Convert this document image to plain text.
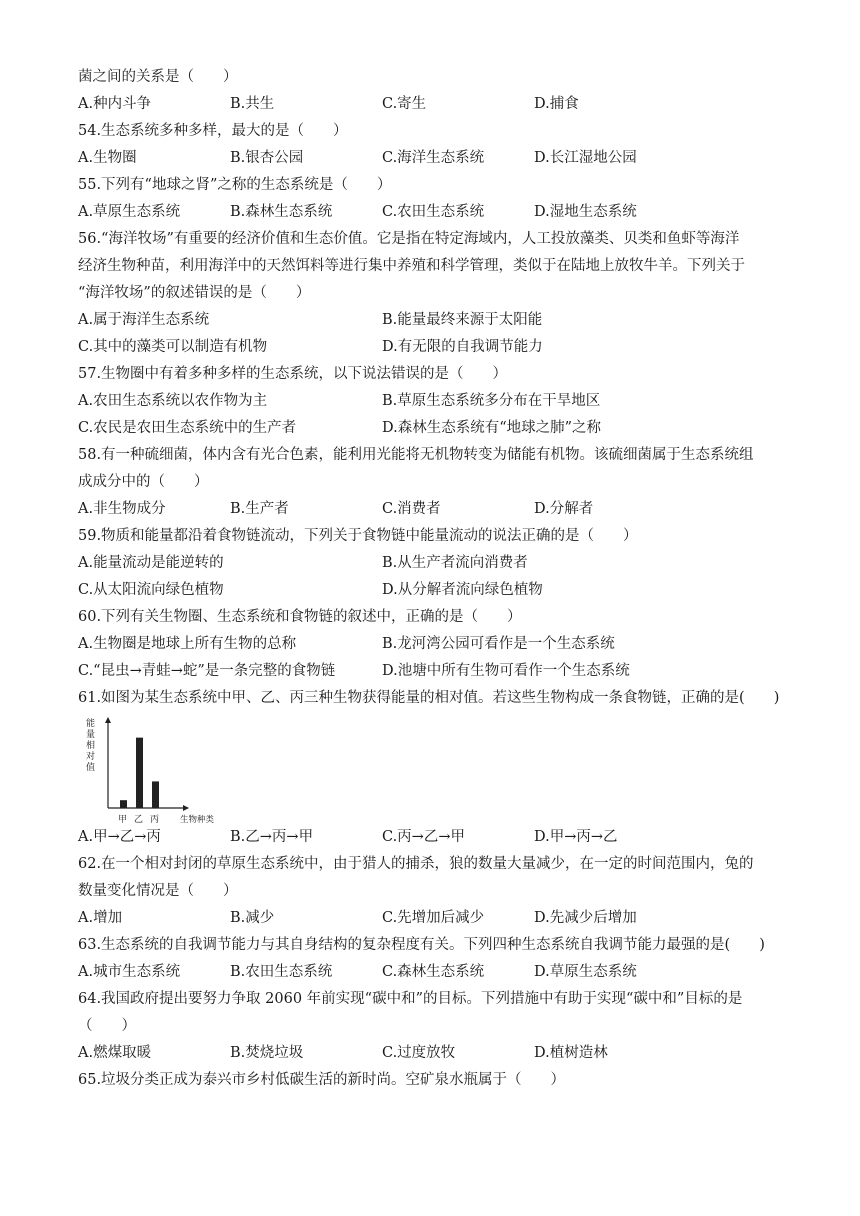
菌之间的关系是（　　）
A.种内斗争	B.共生	C.寄生	D.捕食
54.生态系统多种多样，最大的是（　　）
A.生物圈	B.银杏公园	C.海洋生态系统	D.长江湿地公园
55.下列有“地球之肾”之称的生态系统是（　　）
A.草原生态系统	B.森林生态系统	C.农田生态系统	D.湿地生态系统
56.“海洋牧场”有重要的经济价值和生态价值。它是指在特定海域内，人工投放藻类、贝类和鱼虾等海洋
经济生物种苗，利用海洋中的天然饵料等进行集中养殖和科学管理，类似于在陆地上放牧牛羊。下列关于
“海洋牧场”的叙述错误的是（　　）
A.属于海洋生态系统	B.能量最终来源于太阳能
C.其中的藻类可以制造有机物	D.有无限的自我调节能力
57.生物圈中有着多种多样的生态系统，以下说法错误的是（　　）
A.农田生态系统以农作物为主	B.草原生态系统多分布在干旱地区
C.农民是农田生态系统中的生产者	D.森林生态系统有“地球之肺”之称
58.有一种硫细菌，体内含有光合色素，能利用光能将无机物转变为储能有机物。该硫细菌属于生态系统组
成成分中的（　　）
A.非生物成分	B.生产者	C.消费者	D.分解者
59.物质和能量都沿着食物链流动，下列关于食物链中能量流动的说法正确的是（　　）
A.能量流动是能逆转的	B.从生产者流向消费者
C.从太阳流向绿色植物	D.从分解者流向绿色植物
60.下列有关生物圈、生态系统和食物链的叙述中，正确的是（　　）
A.生物圈是地球上所有生物的总称	B.龙河湾公园可看作是一个生态系统
C.“昆虫→青蛙→蛇”是一条完整的食物链	D.池塘中所有生物可看作一个生态系统
61.如图为某生态系统中甲、乙、丙三种生物获得能量的相对值。若这些生物构成一条食物链，正确的是(　　)
能
量
相
对
值
甲 乙 丙 生物种类
A.甲→乙→丙	B.乙→丙→甲	C.丙→乙→甲	D.甲→丙→乙
62.在一个相对封闭的草原生态系统中，由于猎人的捕杀，狼的数量大量减少，在一定的时间范围内，兔的
数量变化情况是（　　）
A.增加	B.减少	C.先增加后减少	D.先减少后增加
63.生态系统的自我调节能力与其自身结构的复杂程度有关。下列四种生态系统自我调节能力最强的是(　　)
A.城市生态系统	B.农田生态系统	C.森林生态系统	D.草原生态系统
64.我国政府提出要努力争取 2060 年前实现“碳中和”的目标。下列措施中有助于实现“碳中和”目标的是
（　　）
A.燃煤取暖	B.焚烧垃圾	C.过度放牧	D.植树造林
65.垃圾分类正成为泰兴市乡村低碳生活的新时尚。空矿泉水瓶属于（　　）
